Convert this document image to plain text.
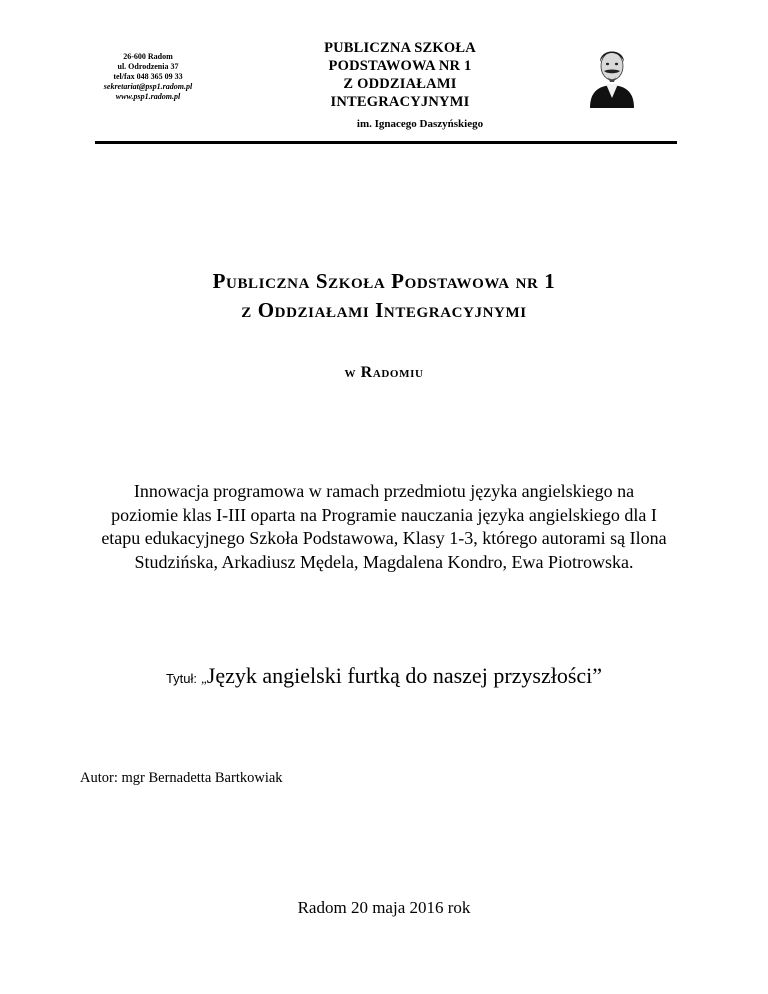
26-600 Radom
ul. Odrodzenia 37
tel/fax 048 365 09 33
sekretariat@psp1.radom.pl
www.psp1.radom.pl
PUBLICZNA SZKOŁA
PODSTAWOWA NR 1
Z ODDZIAŁAMI
INTEGRACYJNYMI
im. Ignacego Daszyńskiego
Publiczna Szkoła Podstawowa nr 1
z Oddziałami Integracyjnymi
w Radomiu
Innowacja programowa w ramach przedmiotu języka angielskiego na poziomie klas I-III oparta na Programie nauczania języka angielskiego dla I etapu edukacyjnego Szkoła Podstawowa, Klasy 1-3, którego autorami są Ilona Studzińska, Arkadiusz Mędela, Magdalena Kondro, Ewa Piotrowska.
Tytuł: „Język angielski furtką do naszej przyszłości”
Autor: mgr Bernadetta Bartkowiak
Radom 20 maja 2016 rok
